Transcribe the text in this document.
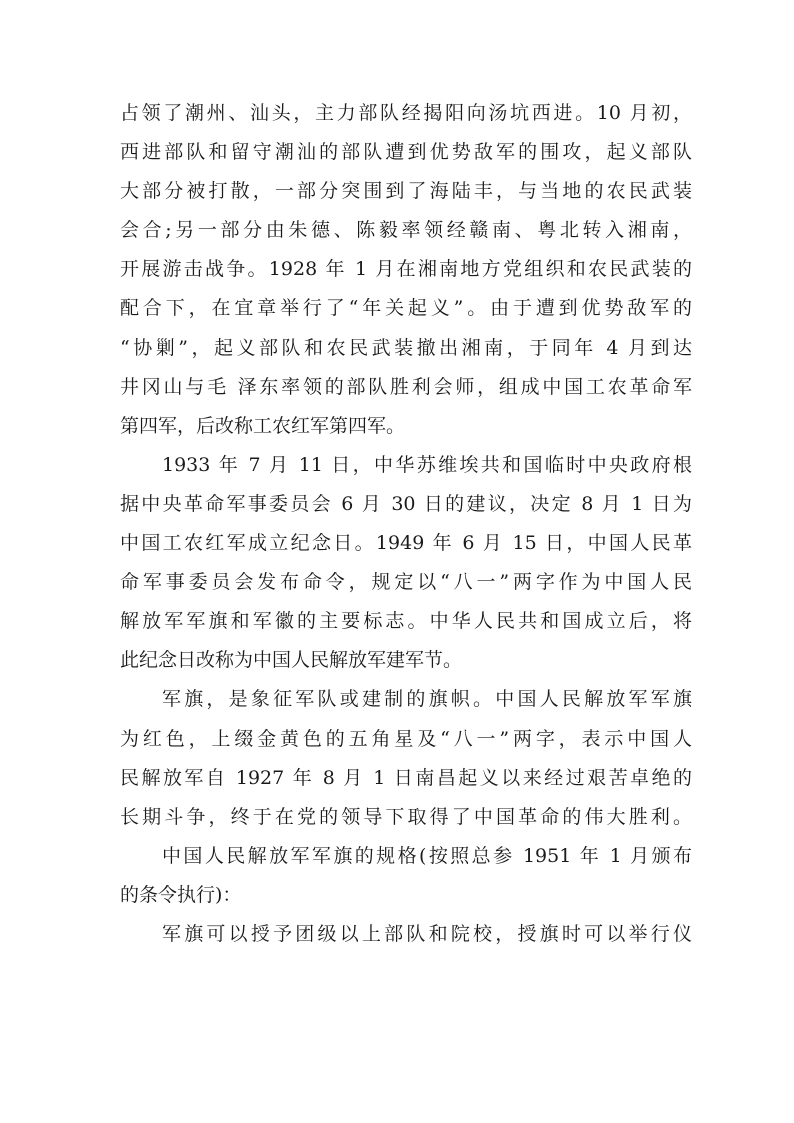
占领了潮州、汕头，主力部队经揭阳向汤坑西进。10 月初，
西进部队和留守潮汕的部队遭到优势敌军的围攻，起义部队
大部分被打散，一部分突围到了海陆丰，与当地的农民武装
会合;另一部分由朱德、陈毅率领经赣南、粤北转入湘南，
开展游击战争。1928 年 1 月在湘南地方党组织和农民武装的
配合下，在宜章举行了“年关起义”。由于遭到优势敌军的
“协剿”，起义部队和农民武装撤出湘南，于同年 4 月到达
井冈山与毛 泽东率领的部队胜利会师，组成中国工农革命军
第四军，后改称工农红军第四军。
1933 年 7 月 11 日，中华苏维埃共和国临时中央政府根
据中央革命军事委员会 6 月 30 日的建议，决定 8 月 1 日为
中国工农红军成立纪念日。1949 年 6 月 15 日，中国人民革
命军事委员会发布命令，规定以“八一”两字作为中国人民
解放军军旗和军徽的主要标志。中华人民共和国成立后，将
此纪念日改称为中国人民解放军建军节。
军旗，是象征军队或建制的旗帜。中国人民解放军军旗
为红色，上缀金黄色的五角星及“八一”两字，表示中国人
民解放军自 1927 年 8 月 1 日南昌起义以来经过艰苦卓绝的
长期斗争，终于在党的领导下取得了中国革命的伟大胜利。
中国人民解放军军旗的规格(按照总参 1951 年 1 月颁布
的条令执行)：
军旗可以授予团级以上部队和院校，授旗时可以举行仪
